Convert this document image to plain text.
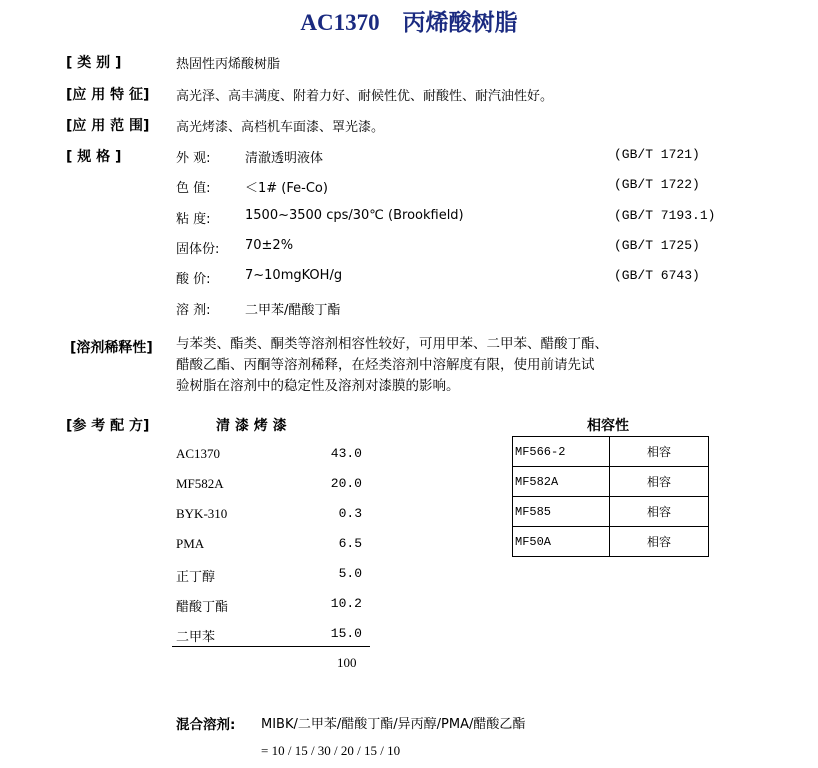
AC1370　丙烯酸树脂
[ 类 别 ]	热固性丙烯酸树脂
[应 用 特 征] 高光泽、高丰满度、附着力好、耐候性优、耐酸性、耐汽油性好。
[应 用 范 围] 高光烤漆、高档机车面漆、罩光漆。
[ 规 格 ]	外 观:	清澈透明液体	(GB/T 1721)
色 值:	＜1# (Fe-Co)	(GB/T 1722)
粘 度:	1500~3500 cps/30℃ (Brookfield)	(GB/T 7193.1)
固体份: 70±2%	(GB/T 1725)
酸 价:	7~10mgKOH/g	(GB/T 6743)
溶 剂:	二甲苯/醋酸丁酯
[溶剂稀释性] 与苯类、酯类、酮类等溶剂相容性较好，可用甲苯、二甲苯、醋酸丁酯、
醋酸乙酯、丙酮等溶剂稀释，在烃类溶剂中溶解度有限，使用前请先试
验树脂在溶剂中的稳定性及溶剂对漆膜的影响。
[参 考 配 方]	清 漆 烤 漆
AC1370	43.0
MF582A	20.0
BYK-310	0.3
PMA	6.5
正丁醇	5.0
醋酸丁酯	10.2
二甲苯	15.0
100
相容性
MF566-2	相容
MF582A	相容
MF585	相容
MF50A	相容
混合溶剂: MIBK/二甲苯/醋酸丁酯/异丙醇/PMA/醋酸乙酯
= 10 / 15 / 30 / 20 / 15 / 10
